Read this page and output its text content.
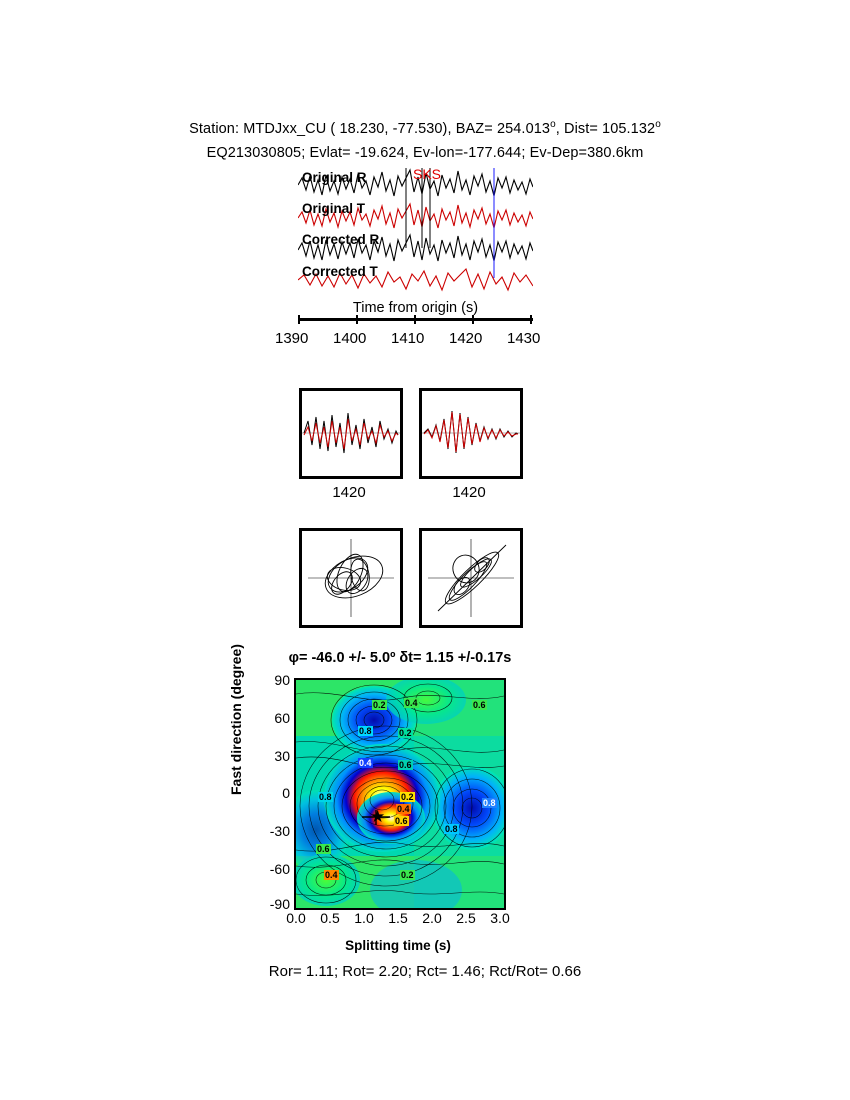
Station: MTDJxx_CU ( 18.230, -77.530), $BAZ= 254.013^o$, Dist= $105.132^o$
EQ213030805; Evlat= -19.624, Ev-lon=-177.644; Ev-Dep=380.6km
SKS
Original R
Original T
Corrected R
Corrected T
Time from origin (s)
1390 1400 1410 1420 1430
1420	1420
φ= -46.0 +/- 5.0º δt= 1.15 +/-0.17s
Fast direction (degree)	90
60
30
0
-30
-60
-90
0.2 0.4	0.6
0.8	0.2
0.4	0.6
0.8	0.2
0.4
0.6
0.8
0.8
0.6
0.4	0.2
★
0.0	0.5	1.0	1.5	2.0	2.5	3.0
Splitting time (s)
Ror= 1.11; Rot= 2.20; Rct= 1.46; Rct/Rot= 0.66
